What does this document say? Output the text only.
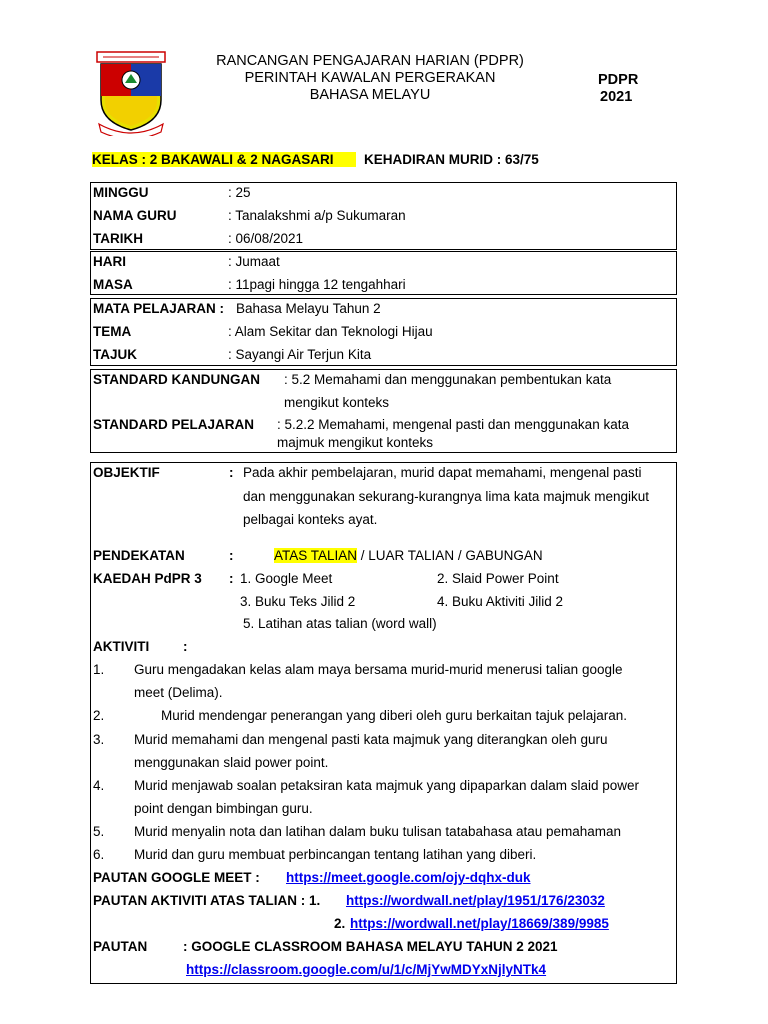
RANCANGAN PENGAJARAN HARIAN (PDPR)
PERINTAH KAWALAN PERGERAKAN
BAHASA MELAYU
PDPR
2021
KELAS : 2 BAKAWALI & 2 NAGASARI	KEHADIRAN MURID : 63/75
MINGGU	: 25
NAMA GURU	: Tanalakshmi a/p Sukumaran
TARIKH	: 06/08/2021
HARI	: Jumaat
MASA	: 11pagi hingga 12 tengahhari
MATA PELAJARAN : Bahasa Melayu Tahun 2
TEMA	: Alam Sekitar dan Teknologi Hijau
TAJUK	: Sayangi Air Terjun Kita
STANDARD KANDUNGAN : 5.2 Memahami dan menggunakan pembentukan kata
mengikut konteks
STANDARD PELAJARAN : 5.2.2 Memahami, mengenal pasti dan menggunakan kata
majmuk mengikut konteks
OBJEKTIF	: Pada akhir pembelajaran, murid dapat memahami, mengenal pasti
dan menggunakan sekurang-kurangnya lima kata majmuk mengikut
pelbagai konteks ayat.
PENDEKATAN	:	ATAS TALIAN / LUAR TALIAN / GABUNGAN
KAEDAH PdPR 3 : 1. Google Meet	2. Slaid Power Point
3. Buku Teks Jilid 2	4. Buku Aktiviti Jilid 2
5. Latihan atas talian (word wall)
AKTIVITI	:
1. Guru mengadakan kelas alam maya bersama murid-murid menerusi talian google
meet (Delima).
2.	Murid mendengar penerangan yang diberi oleh guru berkaitan tajuk pelajaran.
3. Murid memahami dan mengenal pasti kata majmuk yang diterangkan oleh guru
menggunakan slaid power point.
4. Murid menjawab soalan petaksiran kata majmuk yang dipaparkan dalam slaid power
point dengan bimbingan guru.
5. Murid menyalin nota dan latihan dalam buku tulisan tatabahasa atau pemahaman
6. Murid dan guru membuat perbincangan tentang latihan yang diberi.
PAUTAN GOOGLE MEET : https://meet.google.com/ojy-dqhx-duk
PAUTAN AKTIVITI ATAS TALIAN : 1. https://wordwall.net/play/1951/176/23032
2. https://wordwall.net/play/18669/389/9985
PAUTAN	: GOOGLE CLASSROOM BAHASA MELAYU TAHUN 2 2021
https://classroom.google.com/u/1/c/MjYwMDYxNjlyNTk4
